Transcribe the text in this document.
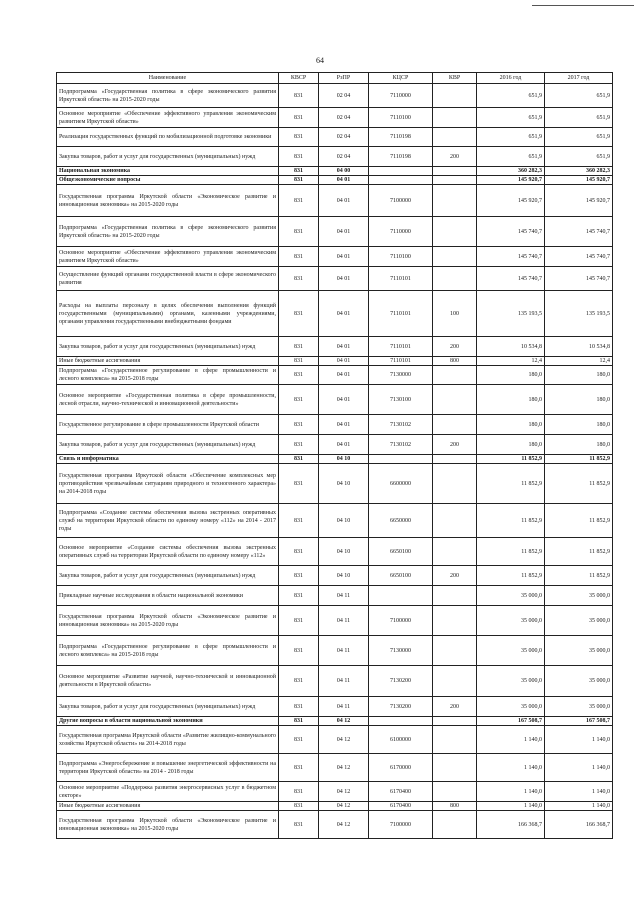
64
Наименование	КВСР	РзПР	КЦСР	КВР	2016 год	2017 год
Подпрограмма «Государственная политика в сфере экономического развития Иркутской области» на 2015-2020 годы	831	02 04	7110000		651,9	651,9
Основное мероприятие «Обеспечение эффективного управления экономическим развитием Иркутской области»	831	02 04	7110100		651,9	651,9
Реализация государственных функций по мобилизационной подготовке экономики	831	02 04	7110198		651,9	651,9
Закупка товаров, работ и услуг для государственных (муниципальных) нужд	831	02 04	7110198	200	651,9	651,9
Национальная экономика	831	04 00			360 282,3	360 282,3
Общеэкономические вопросы	831	04 01			145 920,7	145 920,7
Государственная программа Иркутской области «Экономическое развитие и инновационная экономика» на 2015-2020 годы	831	04 01	7100000		145 920,7	145 920,7
Подпрограмма «Государственная политика в сфере экономического развития Иркутской области» на 2015-2020 годы	831	04 01	7110000		145 740,7	145 740,7
Основное мероприятие «Обеспечение эффективного управления экономическим развитием Иркутской области»	831	04 01	7110100		145 740,7	145 740,7
Осуществление функций органами государственной власти в сфере экономического развития	831	04 01	7110101		145 740,7	145 740,7
Расходы на выплаты персоналу в целях обеспечения выполнения функций государственными (муниципальными) органами, казенными учреждениями, органами управления государственными внебюджетными фондами	831	04 01	7110101	100	135 193,5	135 193,5
Закупка товаров, работ и услуг для государственных (муниципальных) нужд	831	04 01	7110101	200	10 534,8	10 534,8
Иные бюджетные ассигнования	831	04 01	7110101	800	12,4	12,4
Подпрограмма «Государственное регулирование в сфере промышленности и лесного комплекса» на 2015-2018 годы	831	04 01	7130000		180,0	180,0
Основное мероприятие «Государственная политика в сфере промышленности, лесной отрасли, научно-технической и инновационной деятельности»	831	04 01	7130100		180,0	180,0
Государственное регулирование в сфере промышленности Иркутской области	831	04 01	7130102		180,0	180,0
Закупка товаров, работ и услуг для государственных (муниципальных) нужд	831	04 01	7130102	200	180,0	180,0
Связь и информатика	831	04 10			11 852,9	11 852,9
Государственная программа Иркутской области «Обеспечение комплексных мер противодействия чрезвычайным ситуациям природного и техногенного характера» на 2014-2018 годы	831	04 10	6600000		11 852,9	11 852,9
Подпрограмма «Создание системы обеспечения вызова экстренных оперативных служб на территории Иркутской области по единому номеру «112» на 2014 - 2017 годы	831	04 10	6650000		11 852,9	11 852,9
Основное мероприятие «Создание системы обеспечения вызова экстренных оперативных служб на территории Иркутской области по единому номеру «112»	831	04 10	6650100		11 852,9	11 852,9
Закупка товаров, работ и услуг для государственных (муниципальных) нужд	831	04 10	6650100	200	11 852,9	11 852,9
Прикладные научные исследования в области национальной экономики	831	04 11			35 000,0	35 000,0
Государственная программа Иркутской области «Экономическое развитие и инновационная экономика» на 2015-2020 годы	831	04 11	7100000		35 000,0	35 000,0
Подпрограмма «Государственное регулирование в сфере промышленности и лесного комплекса» на 2015-2018 годы	831	04 11	7130000		35 000,0	35 000,0
Основное мероприятие «Развитие научной, научно-технической и инновационной деятельности в Иркутской области»	831	04 11	7130200		35 000,0	35 000,0
Закупка товаров, работ и услуг для государственных (муниципальных) нужд	831	04 11	7130200	200	35 000,0	35 000,0
Другие вопросы в области национальной экономики	831	04 12			167 508,7	167 508,7
Государственная программа Иркутской области «Развитие жилищно-коммунального хозяйства Иркутской области» на 2014-2018 годы	831	04 12	6100000		1 140,0	1 140,0
Подпрограмма «Энергосбережение и повышение энергетической эффективности на территории Иркутской области» на 2014 - 2018 годы	831	04 12	6170000		1 140,0	1 140,0
Основное мероприятие «Поддержка развития энергосервисных услуг в бюджетном секторе»	831	04 12	6170400		1 140,0	1 140,0
Иные бюджетные ассигнования	831	04 12	6170400	800	1 140,0	1 140,0
Государственная программа Иркутской области «Экономическое развитие и инновационная экономика» на 2015-2020 годы	831	04 12	7100000		166 368,7	166 368,7
